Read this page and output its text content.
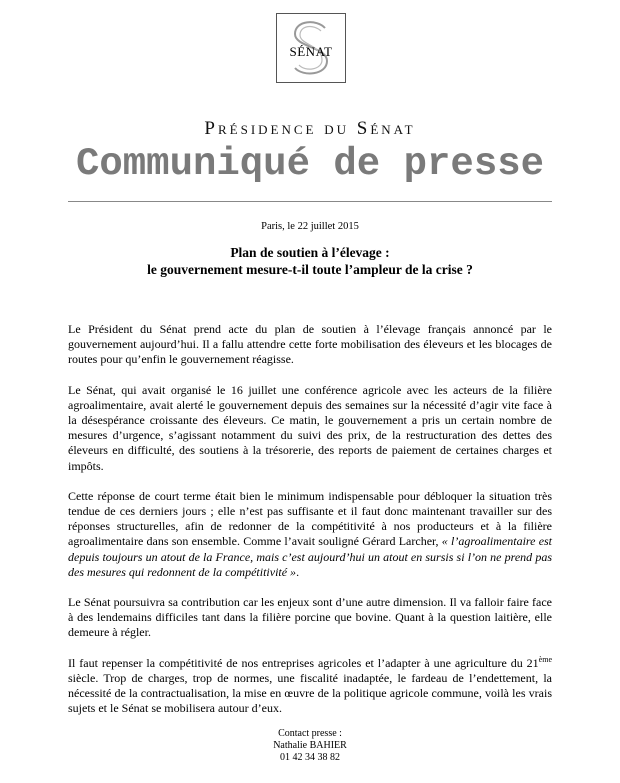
SÉNAT
Présidence du Sénat
Communiqué de presse
Paris, le 22 juillet 2015
Plan de soutien à l’élevage :
le gouvernement mesure-t-il toute l’ampleur de la crise ?

Le Président du Sénat prend acte du plan de soutien à l’élevage français annoncé par le gouvernement aujourd’hui. Il a fallu attendre cette forte mobilisation des éleveurs et les blocages de routes pour qu’enfin le gouvernement réagisse.

Le Sénat, qui avait organisé le 16 juillet une conférence agricole avec les acteurs de la filière agroalimentaire, avait alerté le gouvernement depuis des semaines sur la nécessité d’agir vite face à la désespérance croissante des éleveurs. Ce matin, le gouvernement a pris un certain nombre de mesures d’urgence, s’agissant notamment du suivi des prix, de la restructuration des dettes des éleveurs en difficulté, des soutiens à la trésorerie, des reports de paiement de certaines charges et impôts.

Cette réponse de court terme était bien le minimum indispensable pour débloquer la situation très tendue de ces derniers jours ; elle n’est pas suffisante et il faut donc maintenant travailler sur des réponses structurelles, afin de redonner de la compétitivité à nos producteurs et à la filière agroalimentaire dans son ensemble. Comme l’avait souligné Gérard Larcher, « l’agroalimentaire est depuis toujours un atout de la France, mais c’est aujourd’hui un atout en sursis si l’on ne prend pas des mesures qui redonnent de la compétitivité ».

Le Sénat poursuivra sa contribution car les enjeux sont d’une autre dimension. Il va falloir faire face à des lendemains difficiles tant dans la filière porcine que bovine. Quant à la question laitière, elle demeure à régler.

Il faut repenser la compétitivité de nos entreprises agricoles et l’adapter à une agriculture du 21ème siècle. Trop de charges, trop de normes, une fiscalité inadaptée, le fardeau de l’endettement, la nécessité de la contractualisation, la mise en œuvre de la politique agricole commune, voilà les vrais sujets et le Sénat se mobilisera autour d’eux.

Contact presse :
Nathalie BAHIER
01 42 34 38 82
